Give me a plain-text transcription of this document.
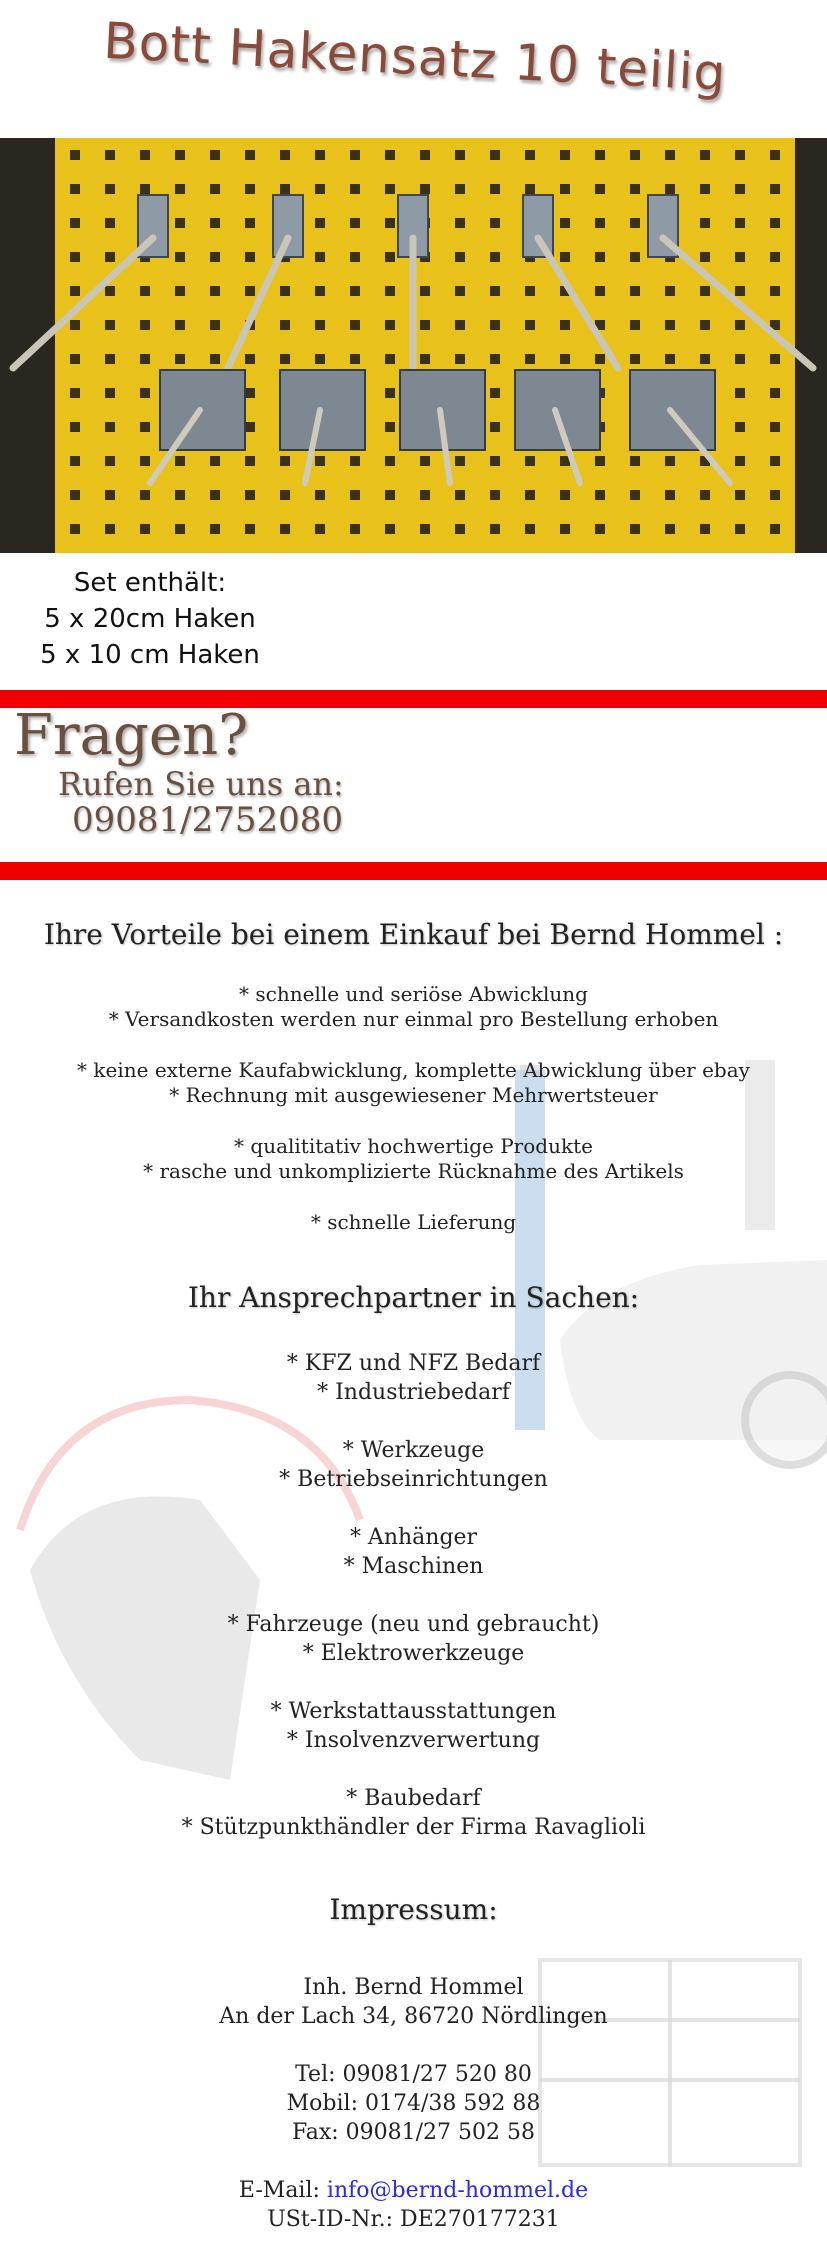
Bott Hakensatz 10 teilig
Set enthält:
5 x 20cm Haken
5 x 10 cm Haken
Fragen?
Rufen Sie uns an:
09081/2752080
Ihre Vorteile bei einem Einkauf bei Bernd Hommel :
* schnelle und seriöse Abwicklung
* Versandkosten werden nur einmal pro Bestellung erhoben
* keine externe Kaufabwicklung, komplette Abwicklung über ebay
* Rechnung mit ausgewiesener Mehrwertsteuer
* qualititativ hochwertige Produkte
* rasche und unkomplizierte Rücknahme des Artikels
* schnelle Lieferung
Ihr Ansprechpartner in Sachen:
* KFZ und NFZ Bedarf
* Industriebedarf
* Werkzeuge
* Betriebseinrichtungen
* Anhänger
* Maschinen
* Fahrzeuge (neu und gebraucht)
* Elektrowerkzeuge
* Werkstattausstattungen
* Insolvenzverwertung
* Baubedarf
* Stützpunkthändler der Firma Ravaglioli
Impressum:
Inh. Bernd Hommel
An der Lach 34, 86720 Nördlingen
Tel: 09081/27 520 80
Mobil: 0174/38 592 88
Fax: 09081/27 502 58
E-Mail: info@bernd-hommel.de
USt-ID-Nr.: DE270177231
